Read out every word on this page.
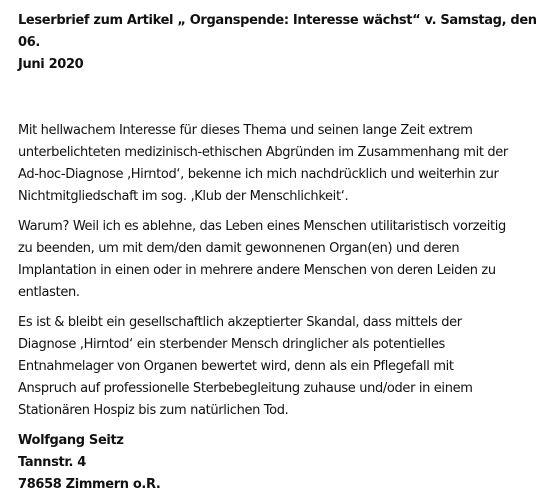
Leserbrief zum Artikel „ Organspende: Interesse wächst“ v. Samstag, den 06.
Juni 2020

Mit hellwachem Interesse für dieses Thema und seinen lange Zeit extrem
unterbelichteten medizinisch-ethischen Abgründen im Zusammenhang mit der
Ad-hoc-Diagnose ‚Hirntod‘, bekenne ich mich nachdrücklich und weiterhin zur
Nichtmitgliedschaft im sog. ‚Klub der Menschlichkeit‘.

Warum? Weil ich es ablehne, das Leben eines Menschen utilitaristisch vorzeitig
zu beenden, um mit dem/den damit gewonnenen Organ(en) und deren
Implantation in einen oder in mehrere andere Menschen von deren Leiden zu
entlasten.

Es ist & bleibt ein gesellschaftlich akzeptierter Skandal, dass mittels der
Diagnose ‚Hirntod‘ ein sterbender Mensch dringlicher als potentielles
Entnahmelager von Organen bewertet wird, denn als ein Pflegefall mit
Anspruch auf professionelle Sterbebegleitung zuhause und/oder in einem
Stationären Hospiz bis zum natürlichen Tod.

Wolfgang Seitz
Tannstr. 4
78658 Zimmern o.R.
